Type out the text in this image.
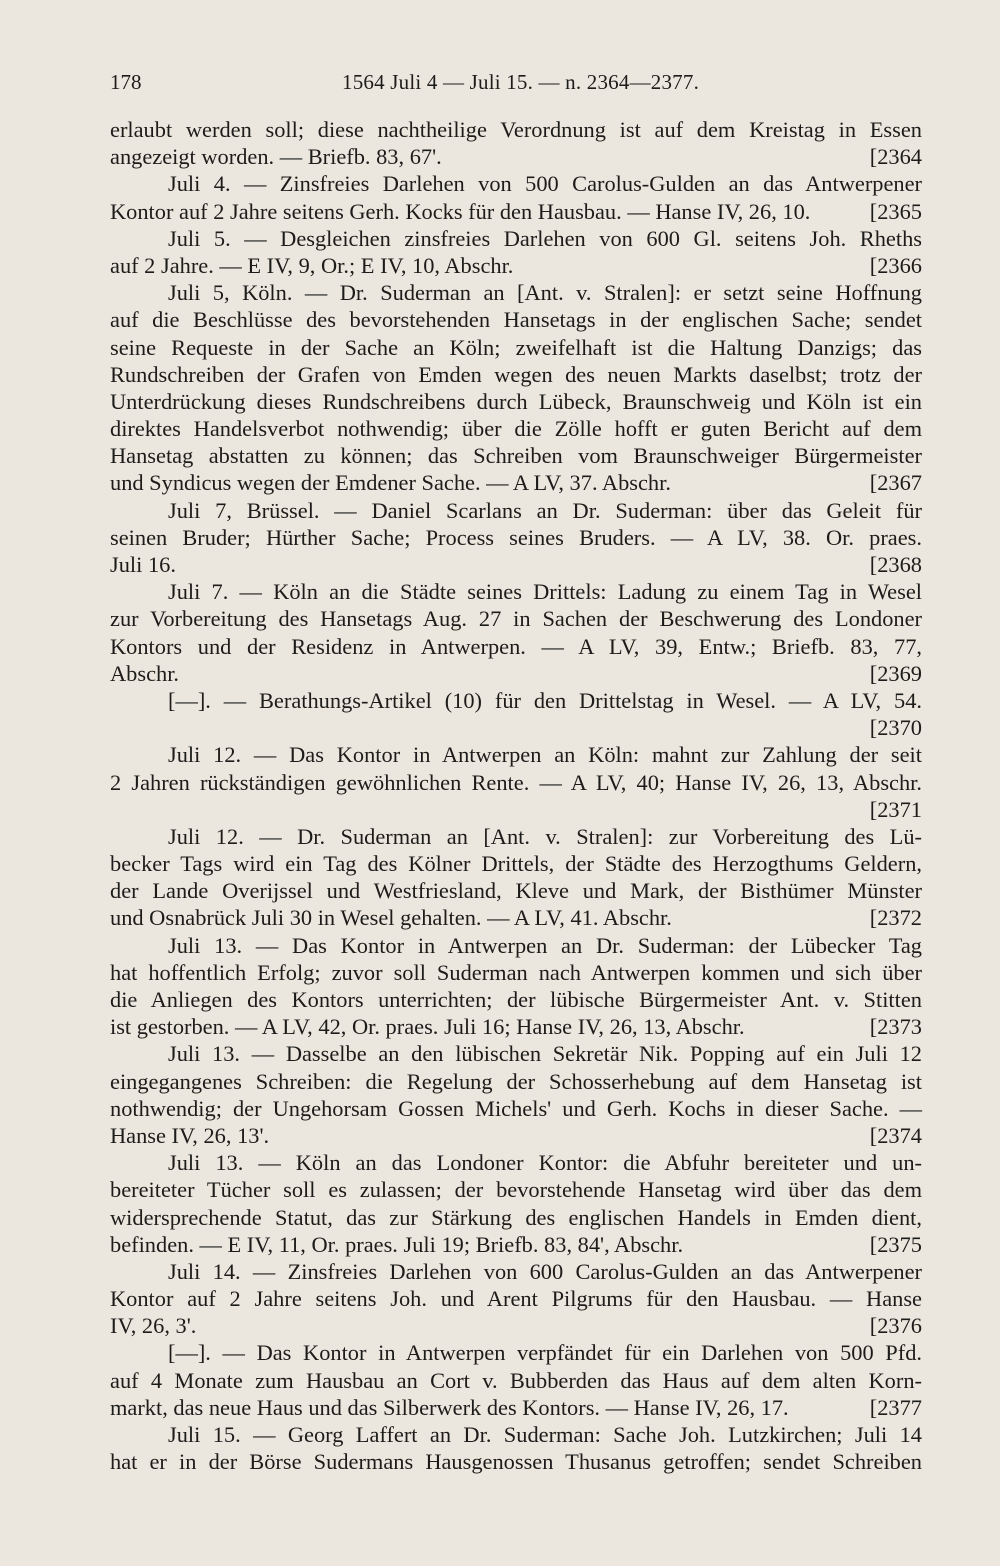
178	1564 Juli 4 — Juli 15. — n. 2364—2377.
erlaubt werden soll; diese nachtheilige Verordnung ist auf dem Kreistag in Essen
angezeigt worden. — Briefb. 83, 67'.	[2364
Juli 4. — Zinsfreies Darlehen von 500 Carolus-Gulden an das Antwerpener
Kontor auf 2 Jahre seitens Gerh. Kocks für den Hausbau. — Hanse IV, 26, 10.	[2365
Juli 5. — Desgleichen zinsfreies Darlehen von 600 Gl. seitens Joh. Rheths
auf 2 Jahre. — E IV, 9, Or.; E IV, 10, Abschr.	[2366
Juli 5, Köln. — Dr. Suderman an [Ant. v. Stralen]: er setzt seine Hoffnung
auf die Beschlüsse des bevorstehenden Hansetags in der englischen Sache; sendet
seine Requeste in der Sache an Köln; zweifelhaft ist die Haltung Danzigs; das
Rundschreiben der Grafen von Emden wegen des neuen Markts daselbst; trotz der
Unterdrückung dieses Rundschreibens durch Lübeck, Braunschweig und Köln ist ein
direktes Handelsverbot nothwendig; über die Zölle hofft er guten Bericht auf dem
Hansetag abstatten zu können; das Schreiben vom Braunschweiger Bürgermeister
und Syndicus wegen der Emdener Sache. — A LV, 37. Abschr.	[2367
Juli 7, Brüssel. — Daniel Scarlans an Dr. Suderman: über das Geleit für
seinen Bruder; Hürther Sache; Process seines Bruders. — A LV, 38. Or. praes.
Juli 16.	[2368
Juli 7. — Köln an die Städte seines Drittels: Ladung zu einem Tag in Wesel
zur Vorbereitung des Hansetags Aug. 27 in Sachen der Beschwerung des Londoner
Kontors und der Residenz in Antwerpen. — A LV, 39, Entw.; Briefb. 83, 77,
Abschr.	[2369
[—]. — Berathungs-Artikel (10) für den Drittelstag in Wesel. — A LV, 54.
[2370
Juli 12. — Das Kontor in Antwerpen an Köln: mahnt zur Zahlung der seit
2 Jahren rückständigen gewöhnlichen Rente. — A LV, 40; Hanse IV, 26, 13, Abschr.
[2371
Juli 12. — Dr. Suderman an [Ant. v. Stralen]: zur Vorbereitung des Lü-
becker Tags wird ein Tag des Kölner Drittels, der Städte des Herzogthums Geldern,
der Lande Overijssel und Westfriesland, Kleve und Mark, der Bisthümer Münster
und Osnabrück Juli 30 in Wesel gehalten. — A LV, 41. Abschr.	[2372
Juli 13. — Das Kontor in Antwerpen an Dr. Suderman: der Lübecker Tag
hat hoffentlich Erfolg; zuvor soll Suderman nach Antwerpen kommen und sich über
die Anliegen des Kontors unterrichten; der lübische Bürgermeister Ant. v. Stitten
ist gestorben. — A LV, 42, Or. praes. Juli 16; Hanse IV, 26, 13, Abschr.	[2373
Juli 13. — Dasselbe an den lübischen Sekretär Nik. Popping auf ein Juli 12
eingegangenes Schreiben: die Regelung der Schosserhebung auf dem Hansetag ist
nothwendig; der Ungehorsam Gossen Michels' und Gerh. Kochs in dieser Sache. —
Hanse IV, 26, 13'.	[2374
Juli 13. — Köln an das Londoner Kontor: die Abfuhr bereiteter und un-
bereiteter Tücher soll es zulassen; der bevorstehende Hansetag wird über das dem
widersprechende Statut, das zur Stärkung des englischen Handels in Emden dient,
befinden. — E IV, 11, Or. praes. Juli 19; Briefb. 83, 84', Abschr.	[2375
Juli 14. — Zinsfreies Darlehen von 600 Carolus-Gulden an das Antwerpener
Kontor auf 2 Jahre seitens Joh. und Arent Pilgrums für den Hausbau. — Hanse
IV, 26, 3'.	[2376
[—]. — Das Kontor in Antwerpen verpfändet für ein Darlehen von 500 Pfd.
auf 4 Monate zum Hausbau an Cort v. Bubberden das Haus auf dem alten Korn-
markt, das neue Haus und das Silberwerk des Kontors. — Hanse IV, 26, 17.	[2377
Juli 15. — Georg Laffert an Dr. Suderman: Sache Joh. Lutzkirchen; Juli 14
hat er in der Börse Sudermans Hausgenossen Thusanus getroffen; sendet Schreiben
